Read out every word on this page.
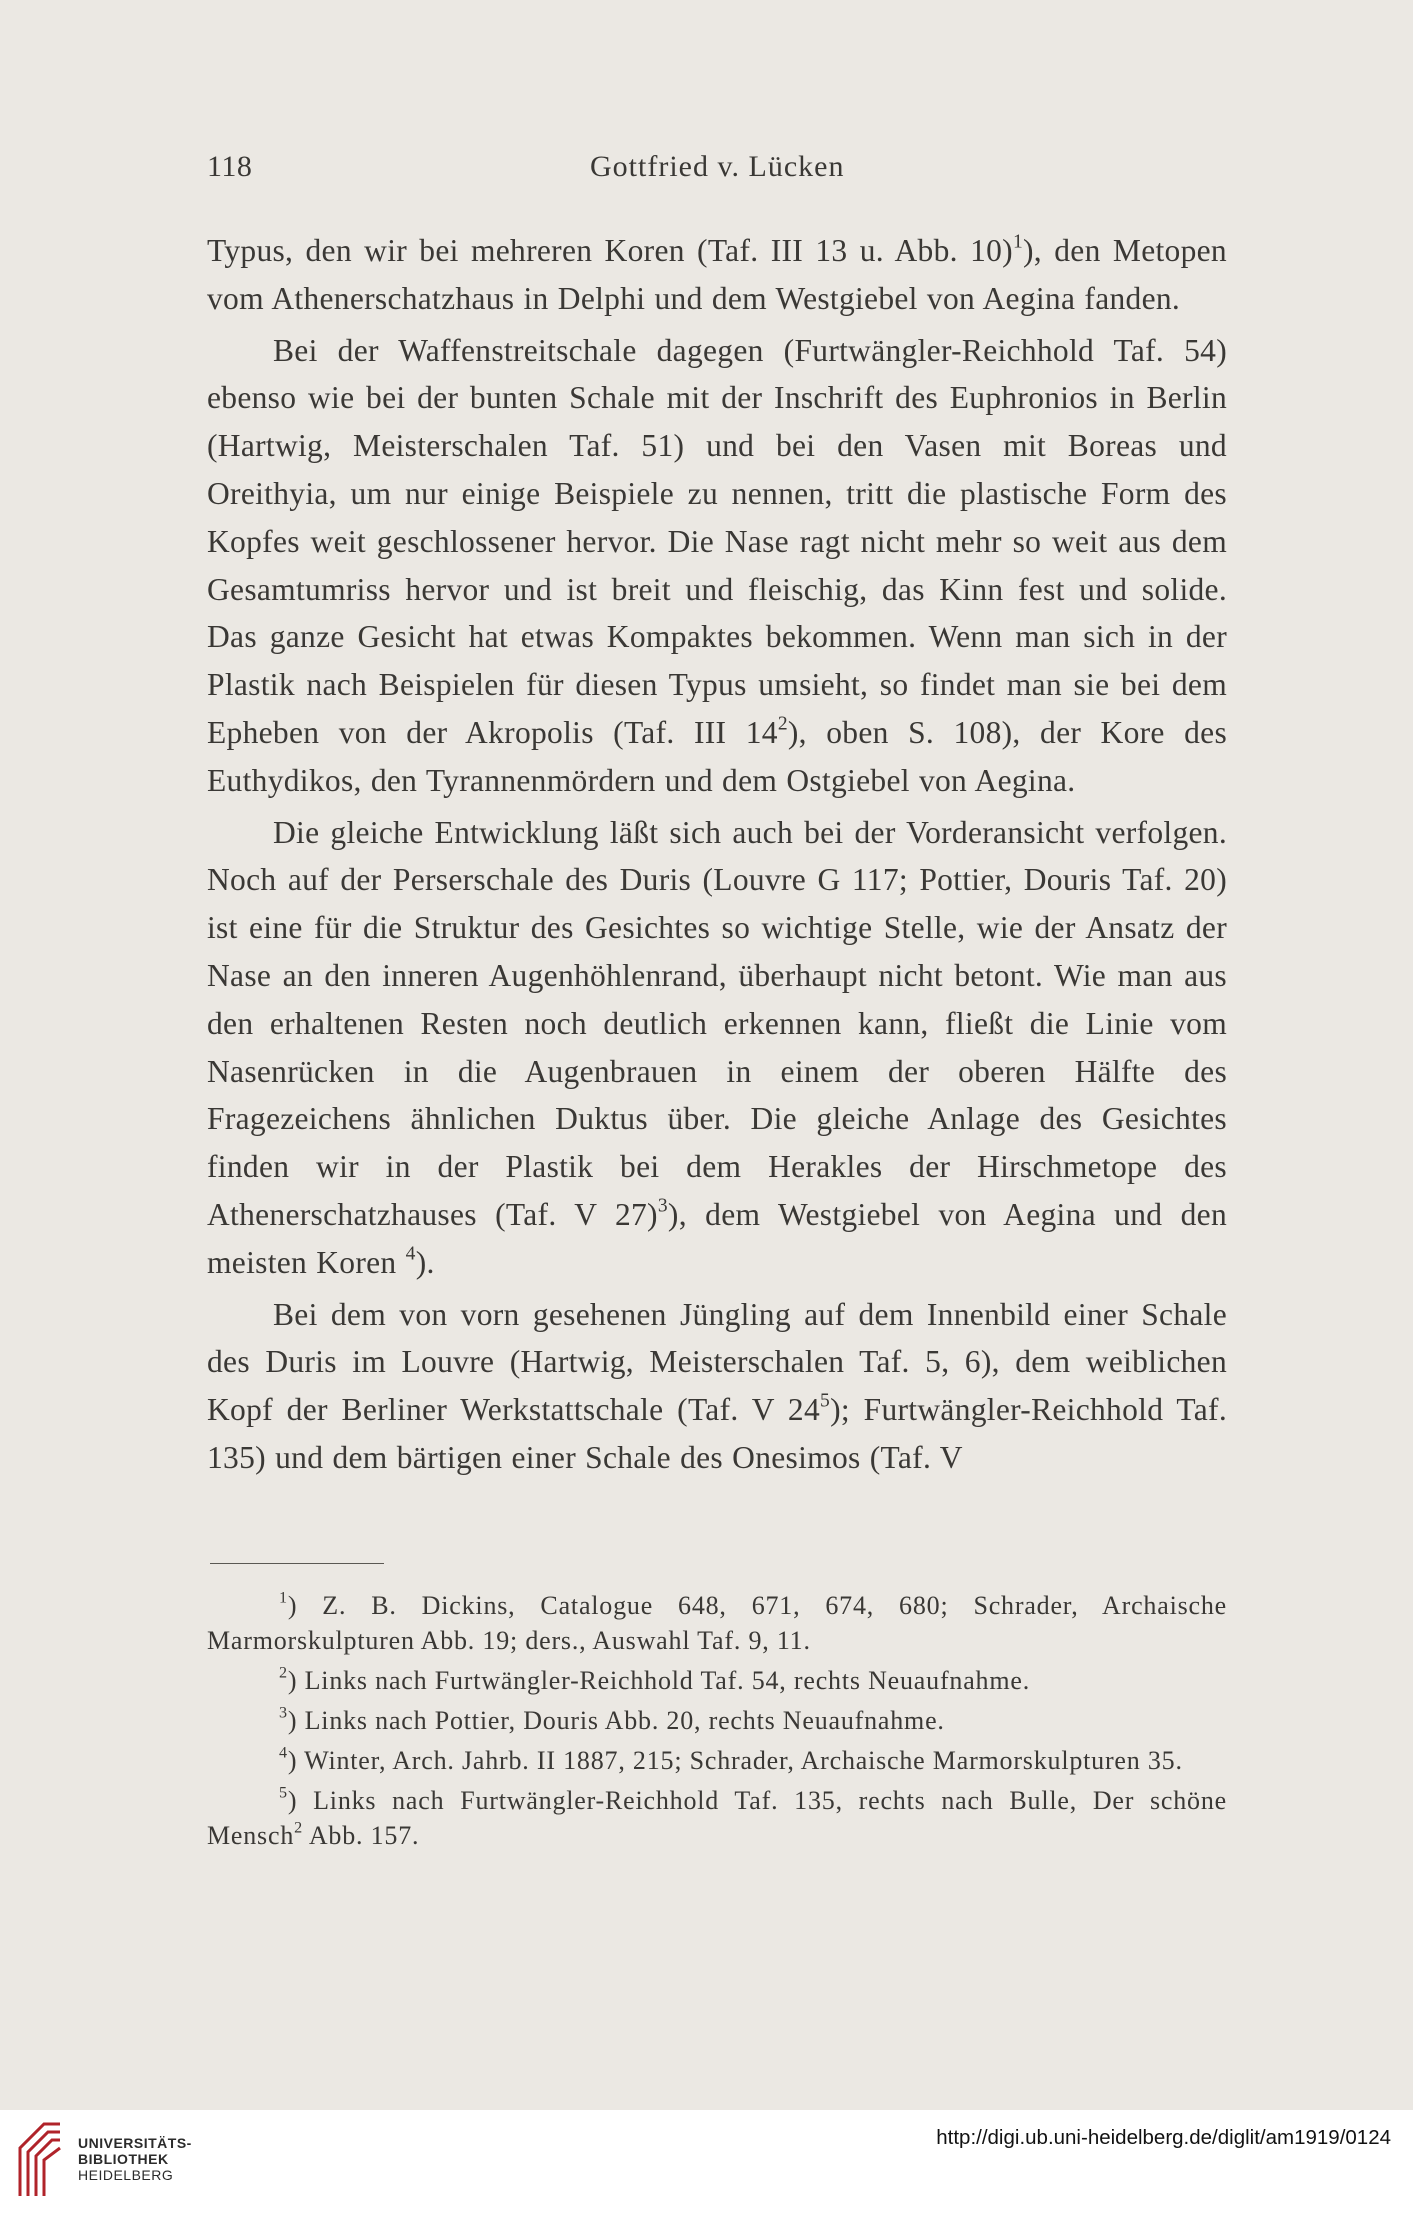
118	Gottfried v. Lücken

Typus, den wir bei mehreren Koren (Taf. III 13 u. Abb. 10)$^1$), den Metopen vom Athenerschatzhaus in Delphi und dem Westgiebel von Aegina fanden.

Bei der Waffenstreitschale dagegen (Furtwängler-Reichhold Taf. 54) ebenso wie bei der bunten Schale mit der Inschrift des Euphronios in Berlin (Hartwig, Meisterschalen Taf. 51) und bei den Vasen mit Boreas und Oreithyia, um nur einige Beispiele zu nennen, tritt die plastische Form des Kopfes weit geschlossener hervor. Die Nase ragt nicht mehr so weit aus dem Gesamtumriss hervor und ist breit und fleischig, das Kinn fest und solide. Das ganze Gesicht hat etwas Kompaktes bekommen. Wenn man sich in der Plastik nach Beispielen für diesen Typus umsieht, so findet man sie bei dem Epheben von der Akropolis (Taf. III $14^2$), oben S. 108), der Kore des Euthydikos, den Tyrannenmördern und dem Ostgiebel von Aegina.

Die gleiche Entwicklung läßt sich auch bei der Vorderansicht verfolgen. Noch auf der Perserschale des Duris (Louvre G 117; Pottier, Douris Taf. 20) ist eine für die Struktur des Gesichtes so wichtige Stelle, wie der Ansatz der Nase an den inneren Augenhöhlenrand, überhaupt nicht betont. Wie man aus den erhaltenen Resten noch deutlich erkennen kann, fließt die Linie vom Nasenrücken in die Augenbrauen in einem der oberen Hälfte des Fragezeichens ähnlichen Duktus über. Die gleiche Anlage des Gesichtes finden wir in der Plastik bei dem Herakles der Hirschmetope des Athenerschatzhauses (Taf. V 27)$^3$), dem Westgiebel von Aegina und den meisten Koren $^4$).

Bei dem von vorn gesehenen Jüngling auf dem Innenbild einer Schale des Duris im Louvre (Hartwig, Meisterschalen Taf. 5, 6), dem weiblichen Kopf der Berliner Werkstattschale (Taf. V $24^5$); Furtwängler-Reichhold Taf. 135) und dem bärtigen einer Schale des Onesimos (Taf. V

$^1$) Z. B. Dickins, Catalogue 648, 671, 674, 680; Schrader, Archaische Marmorskulpturen Abb. 19; ders., Auswahl Taf. 9, 11.

$^2$) Links nach Furtwängler-Reichhold Taf. 54, rechts Neuaufnahme.

$^3$) Links nach Pottier, Douris Abb. 20, rechts Neuaufnahme.

$^4$) Winter, Arch. Jahrb. II 1887, 215; Schrader, Archaische Marmorskulpturen 35.

$^5$) Links nach Furtwängler-Reichhold Taf. 135, rechts nach Bulle, Der schöne Mensch$^2$ Abb. 157.

UNIVERSITÄTS-
BIBLIOTHEK
HEIDELBERG
http://digi.ub.uni-heidelberg.de/diglit/am1919/0124
